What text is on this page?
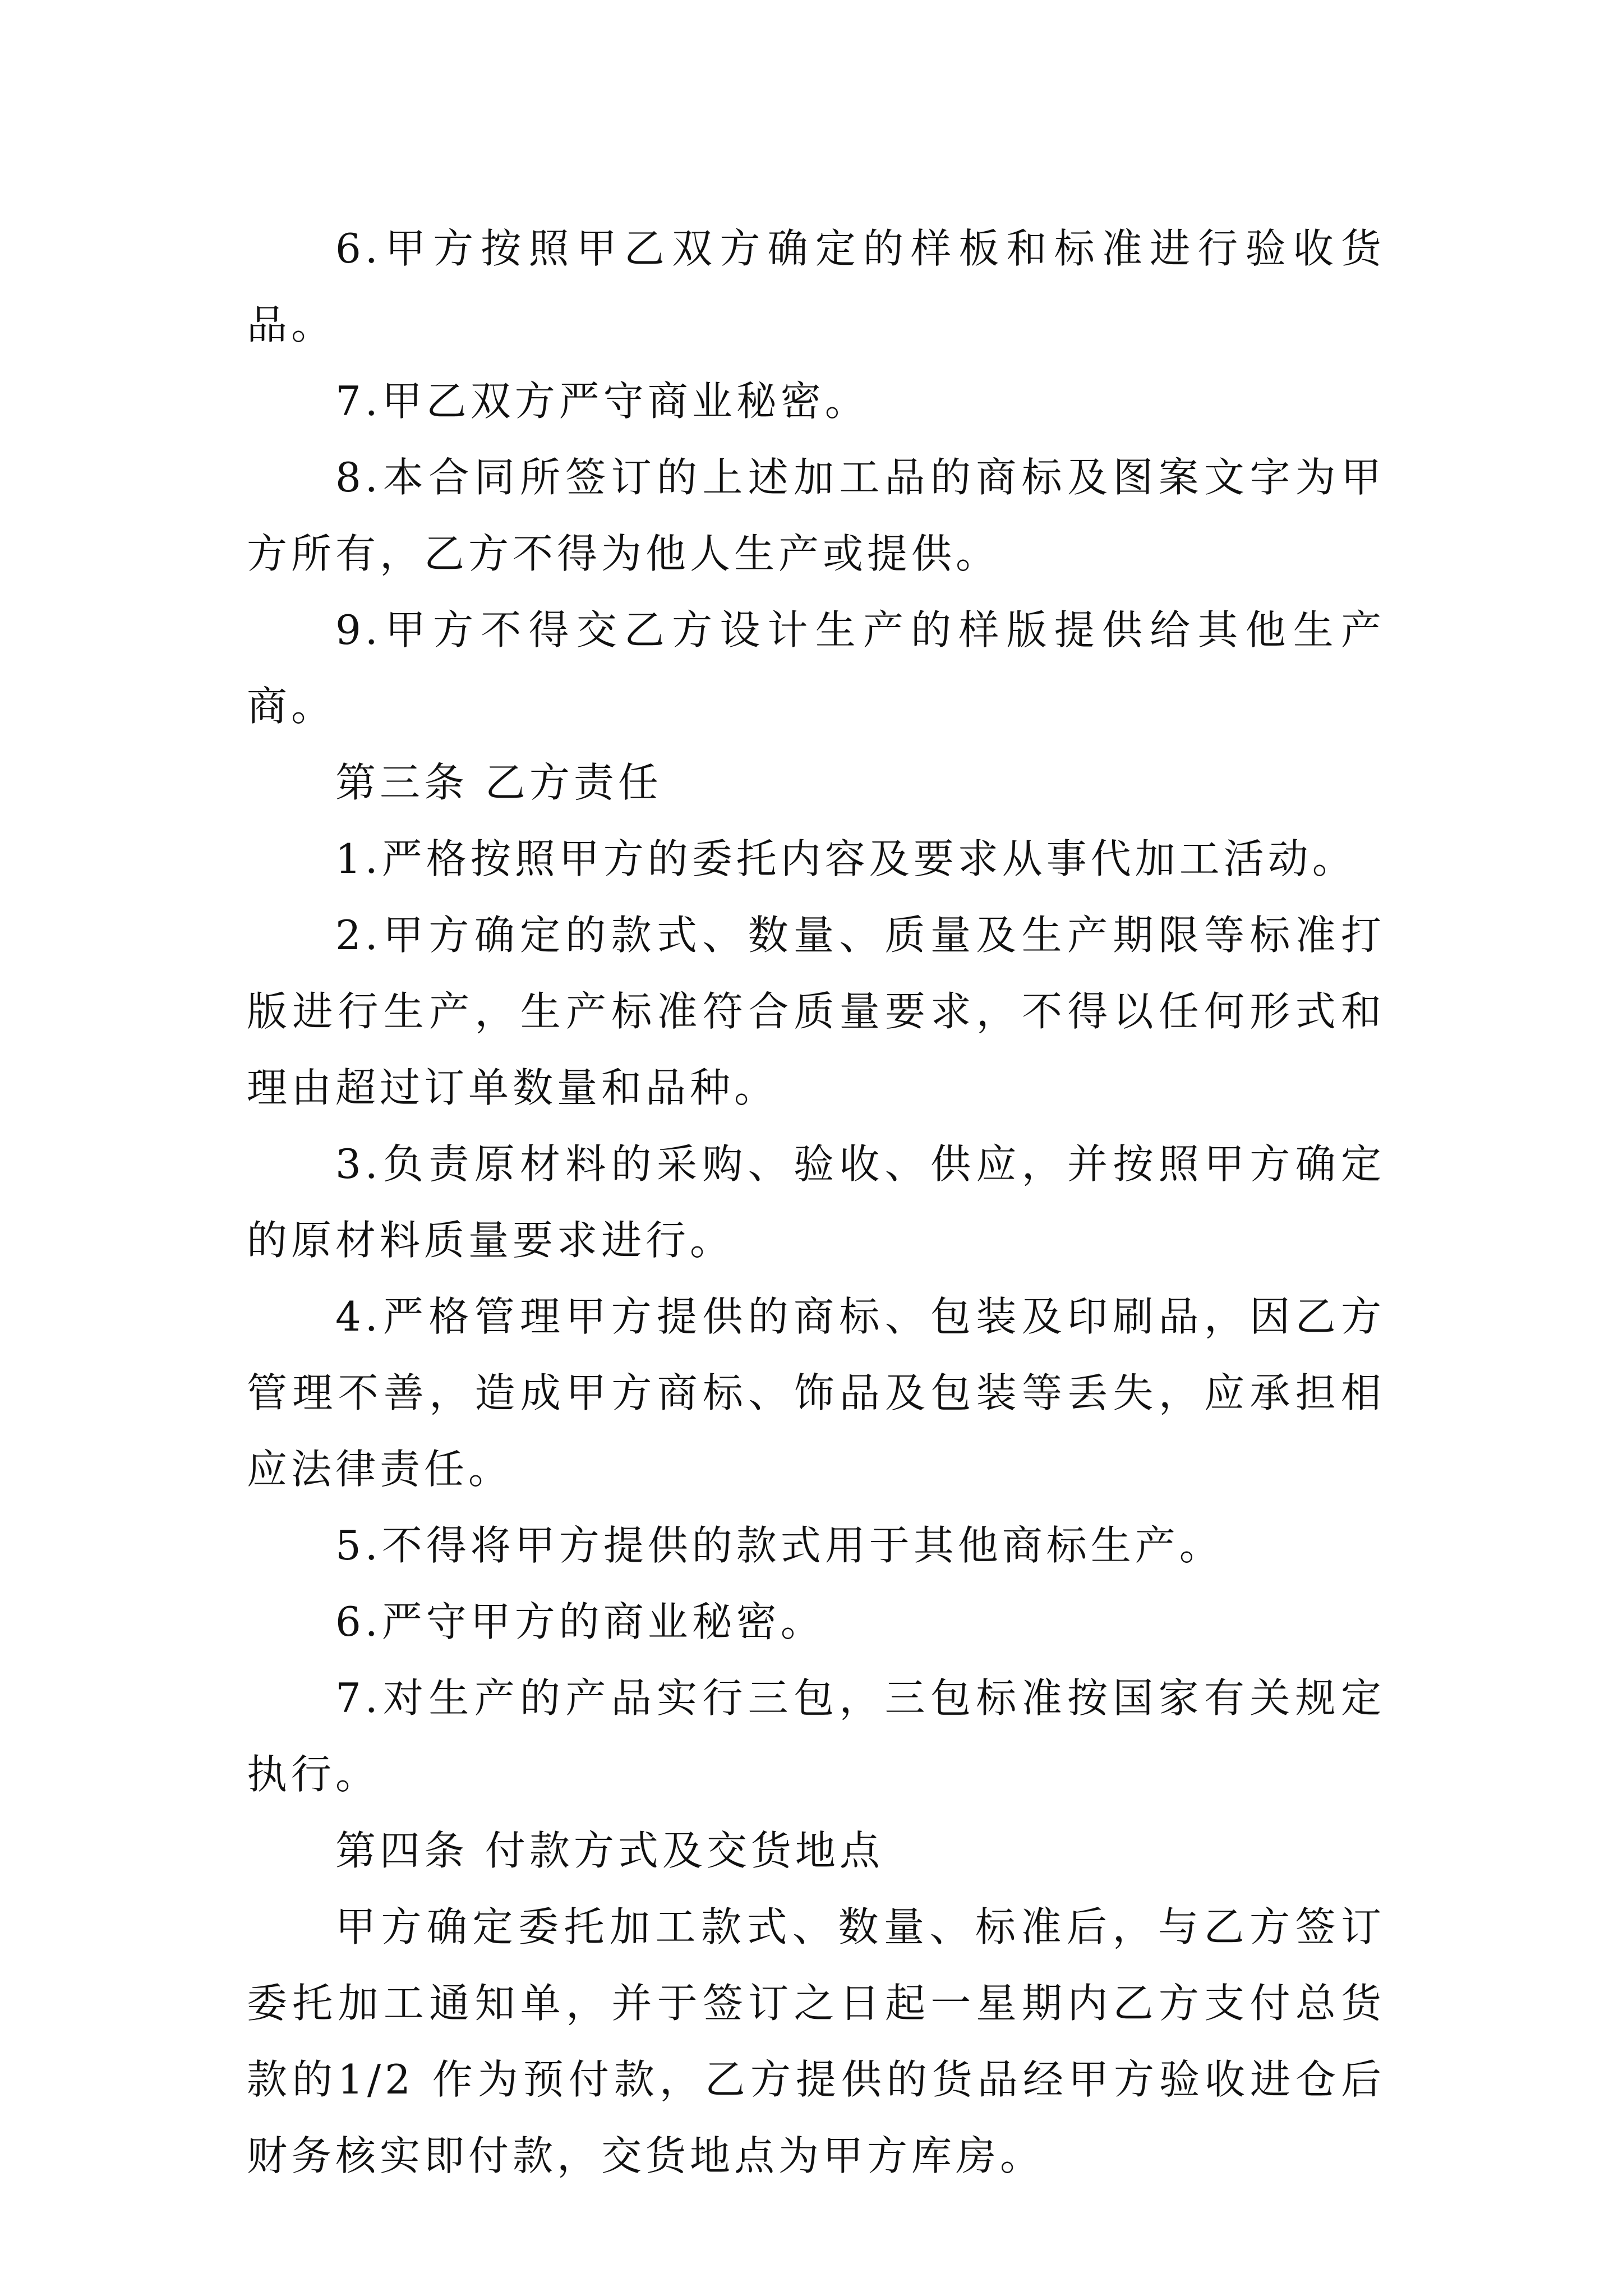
6.甲方按照甲乙双方确定的样板和标准进行验收货品。

7.甲乙双方严守商业秘密。

8.本合同所签订的上述加工品的商标及图案文字为甲方所有，乙方不得为他人生产或提供。

9.甲方不得交乙方设计生产的样版提供给其他生产商。

第三条 乙方责任

1.严格按照甲方的委托内容及要求从事代加工活动。

2.甲方确定的款式、数量、质量及生产期限等标准打版进行生产，生产标准符合质量要求，不得以任何形式和理由超过订单数量和品种。

3.负责原材料的采购、验收、供应，并按照甲方确定的原材料质量要求进行。

4.严格管理甲方提供的商标、包装及印刷品，因乙方管理不善，造成甲方商标、饰品及包装等丢失，应承担相应法律责任。

5.不得将甲方提供的款式用于其他商标生产。

6.严守甲方的商业秘密。

7.对生产的产品实行三包，三包标准按国家有关规定执行。

第四条 付款方式及交货地点

甲方确定委托加工款式、数量、标准后，与乙方签订委托加工通知单，并于签订之日起一星期内乙方支付总货款的1/2 作为预付款，乙方提供的货品经甲方验收进仓后财务核实即付款，交货地点为甲方库房。
